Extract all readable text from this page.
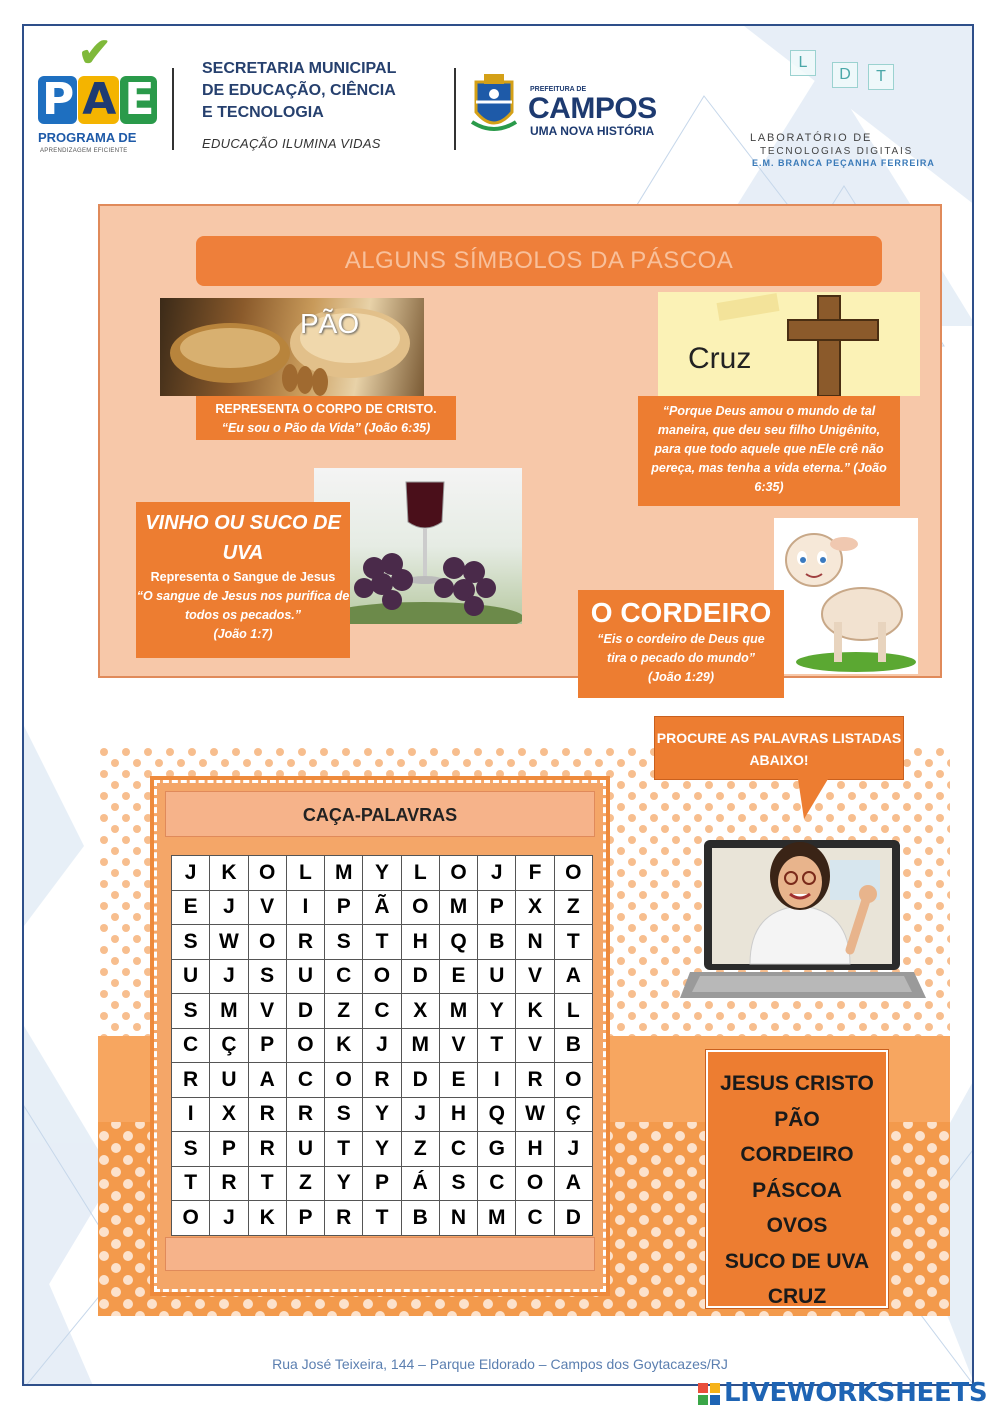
✔
P A E
PROGRAMA DE
APRENDIZAGEM EFICIENTE
SECRETARIA MUNICIPAL
DE EDUCAÇÃO, CIÊNCIA
E TECNOLOGIA
EDUCAÇÃO ILUMINA VIDAS
PREFEITURA DE
CAMPOS
UMA NOVA HISTÓRIA
L
D	T
LABORATÓRIO DE
TECNOLOGIAS DIGITAIS
E.M. BRANCA PEÇANHA FERREIRA
ALGUNS SÍMBOLOS DA PÁSCOA
PÃO
REPRESENTA O CORPO DE CRISTO.
“Eu sou o Pão da Vida” (João 6:35)
Cruz
“Porque Deus amou o mundo de tal maneira, que deu seu filho Unigênito, para que todo aquele que nEle crê não pereça, mas tenha a vida eterna.” (João 6:35)
VINHO OU SUCO DE UVA
Representa o Sangue de Jesus
“O sangue de Jesus nos purifica de todos os pecados.”
(João 1:7)
O CORDEIRO
“Eis o cordeiro de Deus que tira o pecado do mundo”
(João 1:29)
CAÇA-PALAVRAS
J	K	O	L	M	Y	L	O	J	F	O
E	J	V	I	P	Ã	O	M	P	X	Z
S	W	O	R	S	T	H	Q	B	N	T
U	J	S	U	C	O	D	E	U	V	A
S	M	V	D	Z	C	X	M	Y	K	L
C	Ç	P	O	K	J	M	V	T	V	B
R	U	A	C	O	R	D	E	I	R	O
I	X	R	R	S	Y	J	H	Q	W	Ç
S	P	R	U	T	Y	Z	C	G	H	J
T	R	T	Z	Y	P	Á	S	C	O	A
O	J	K	P	R	T	B	N	M	C	D
PROCURE AS PALAVRAS LISTADAS ABAIXO!
JESUS CRISTO
PÃO
CORDEIRO
PÁSCOA
OVOS
SUCO DE UVA
CRUZ
Rua José Teixeira, 144 – Parque Eldorado – Campos dos Goytacazes/RJ
LIVEWORKSHEETS
